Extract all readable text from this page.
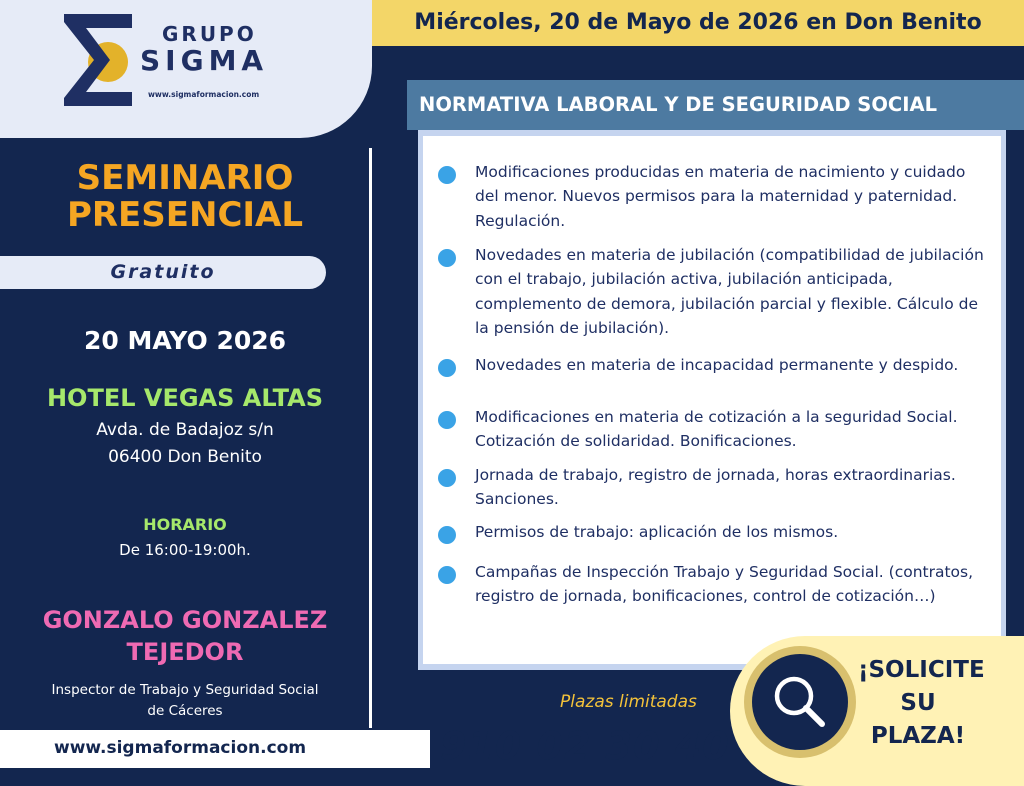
GRUPO
SIGMA
www.sigmaformacion.com
Miércoles, 20 de Mayo de 2026 en Don Benito
SEMINARIO
PRESENCIAL
Gratuito
20 MAYO 2026
HOTEL VEGAS ALTAS
Avda. de Badajoz s/n
06400 Don Benito
HORARIO
De 16:00-19:00h.
GONZALO GONZALEZ
TEJEDOR
Inspector de Trabajo y Seguridad Social
de Cáceres
NORMATIVA LABORAL Y DE SEGURIDAD SOCIAL
Modificaciones producidas en materia de nacimiento y cuidado del menor. Nuevos permisos para la maternidad y paternidad. Regulación.
Novedades en materia de jubilación (compatibilidad de jubilación con el trabajo, jubilación activa, jubilación anticipada, complemento de demora, jubilación parcial y flexible. Cálculo de la pensión de jubilación).
Novedades en materia de incapacidad permanente y despido.
Modificaciones en materia de cotización a la seguridad Social. Cotización de solidaridad. Bonificaciones.
Jornada de trabajo, registro de jornada, horas extraordinarias. Sanciones.
Permisos de trabajo: aplicación de los mismos.
Campañas de Inspección Trabajo y Seguridad Social. (contratos, registro de jornada, bonificaciones, control de cotización…)
www.sigmaformacion.com	910 02 30 40
Plazas limitadas
¡SOLICITE
SU
PLAZA!
